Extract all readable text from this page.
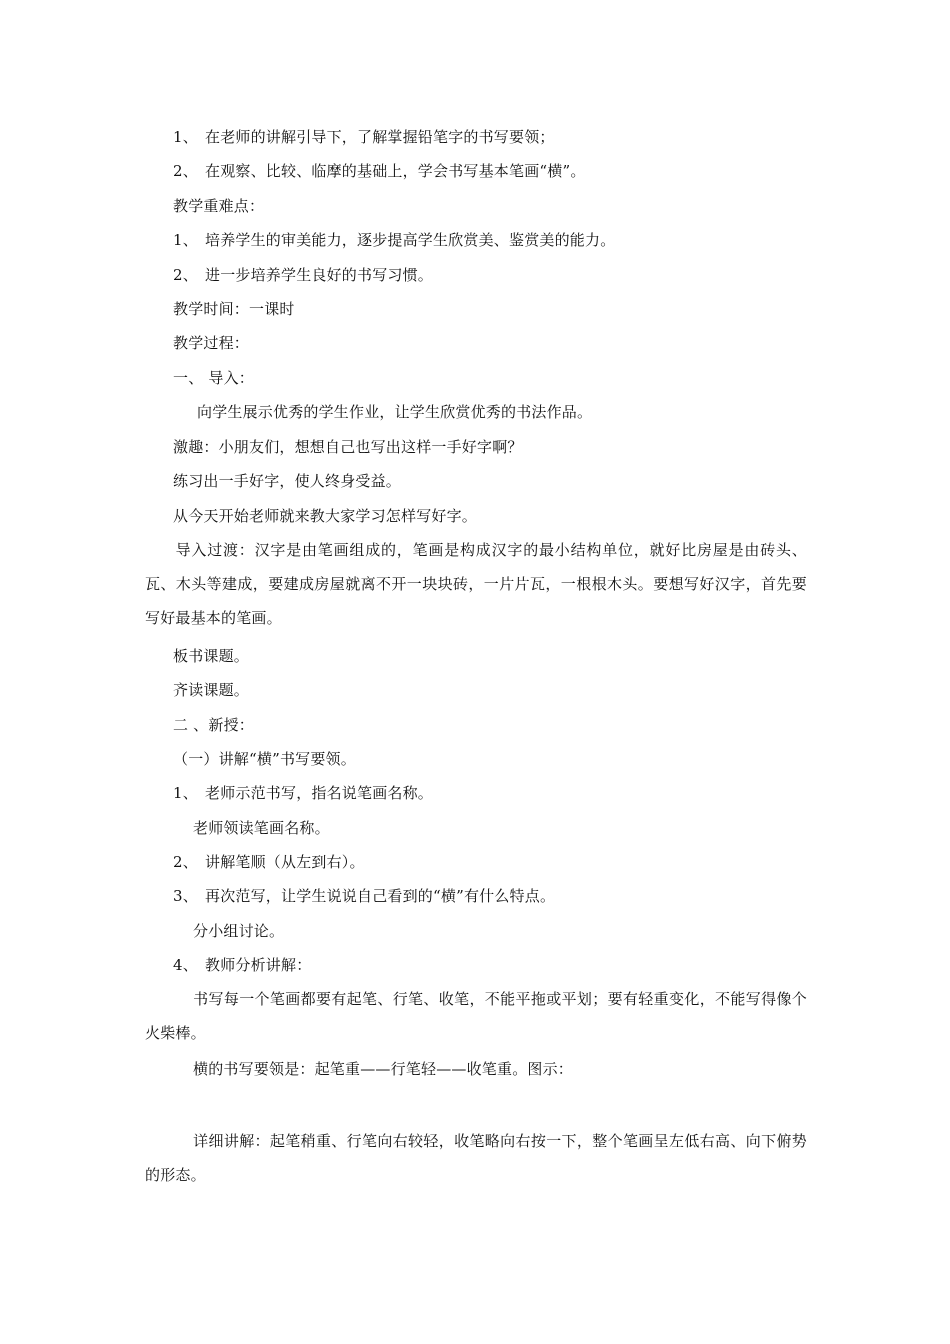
1、 在老师的讲解引导下，了解掌握铅笔字的书写要领；
2、 在观察、比较、临摩的基础上，学会书写基本笔画“横”。
教学重难点：
1、 培养学生的审美能力，逐步提高学生欣赏美、鉴赏美的能力。
2、 进一步培养学生良好的书写习惯。
教学时间：一课时
教学过程：
一、 导入：
向学生展示优秀的学生作业，让学生欣赏优秀的书法作品。
激趣：小朋友们，想想自己也写出这样一手好字啊？
练习出一手好字，使人终身受益。
从今天开始老师就来教大家学习怎样写好字。
导入过渡：汉字是由笔画组成的，笔画是构成汉字的最小结构单位，就好比房屋是由砖头、瓦、木头等建成，要建成房屋就离不开一块块砖，一片片瓦，一根根木头。要想写好汉字，首先要写好最基本的笔画。
板书课题。
齐读课题。
二 、新授：
（一）讲解“横”书写要领。
1、 老师示范书写，指名说笔画名称。
老师领读笔画名称。
2、 讲解笔顺（从左到右）。
3、 再次范写，让学生说说自己看到的“横”有什么特点。
分小组讨论。
4、 教师分析讲解：
书写每一个笔画都要有起笔、行笔、收笔，不能平拖或平划；要有轻重变化，不能写得像个火柴棒。
横的书写要领是：起笔重——行笔轻——收笔重。图示：
详细讲解：起笔稍重、行笔向右较轻，收笔略向右按一下，整个笔画呈左低右高、向下俯势的形态。
